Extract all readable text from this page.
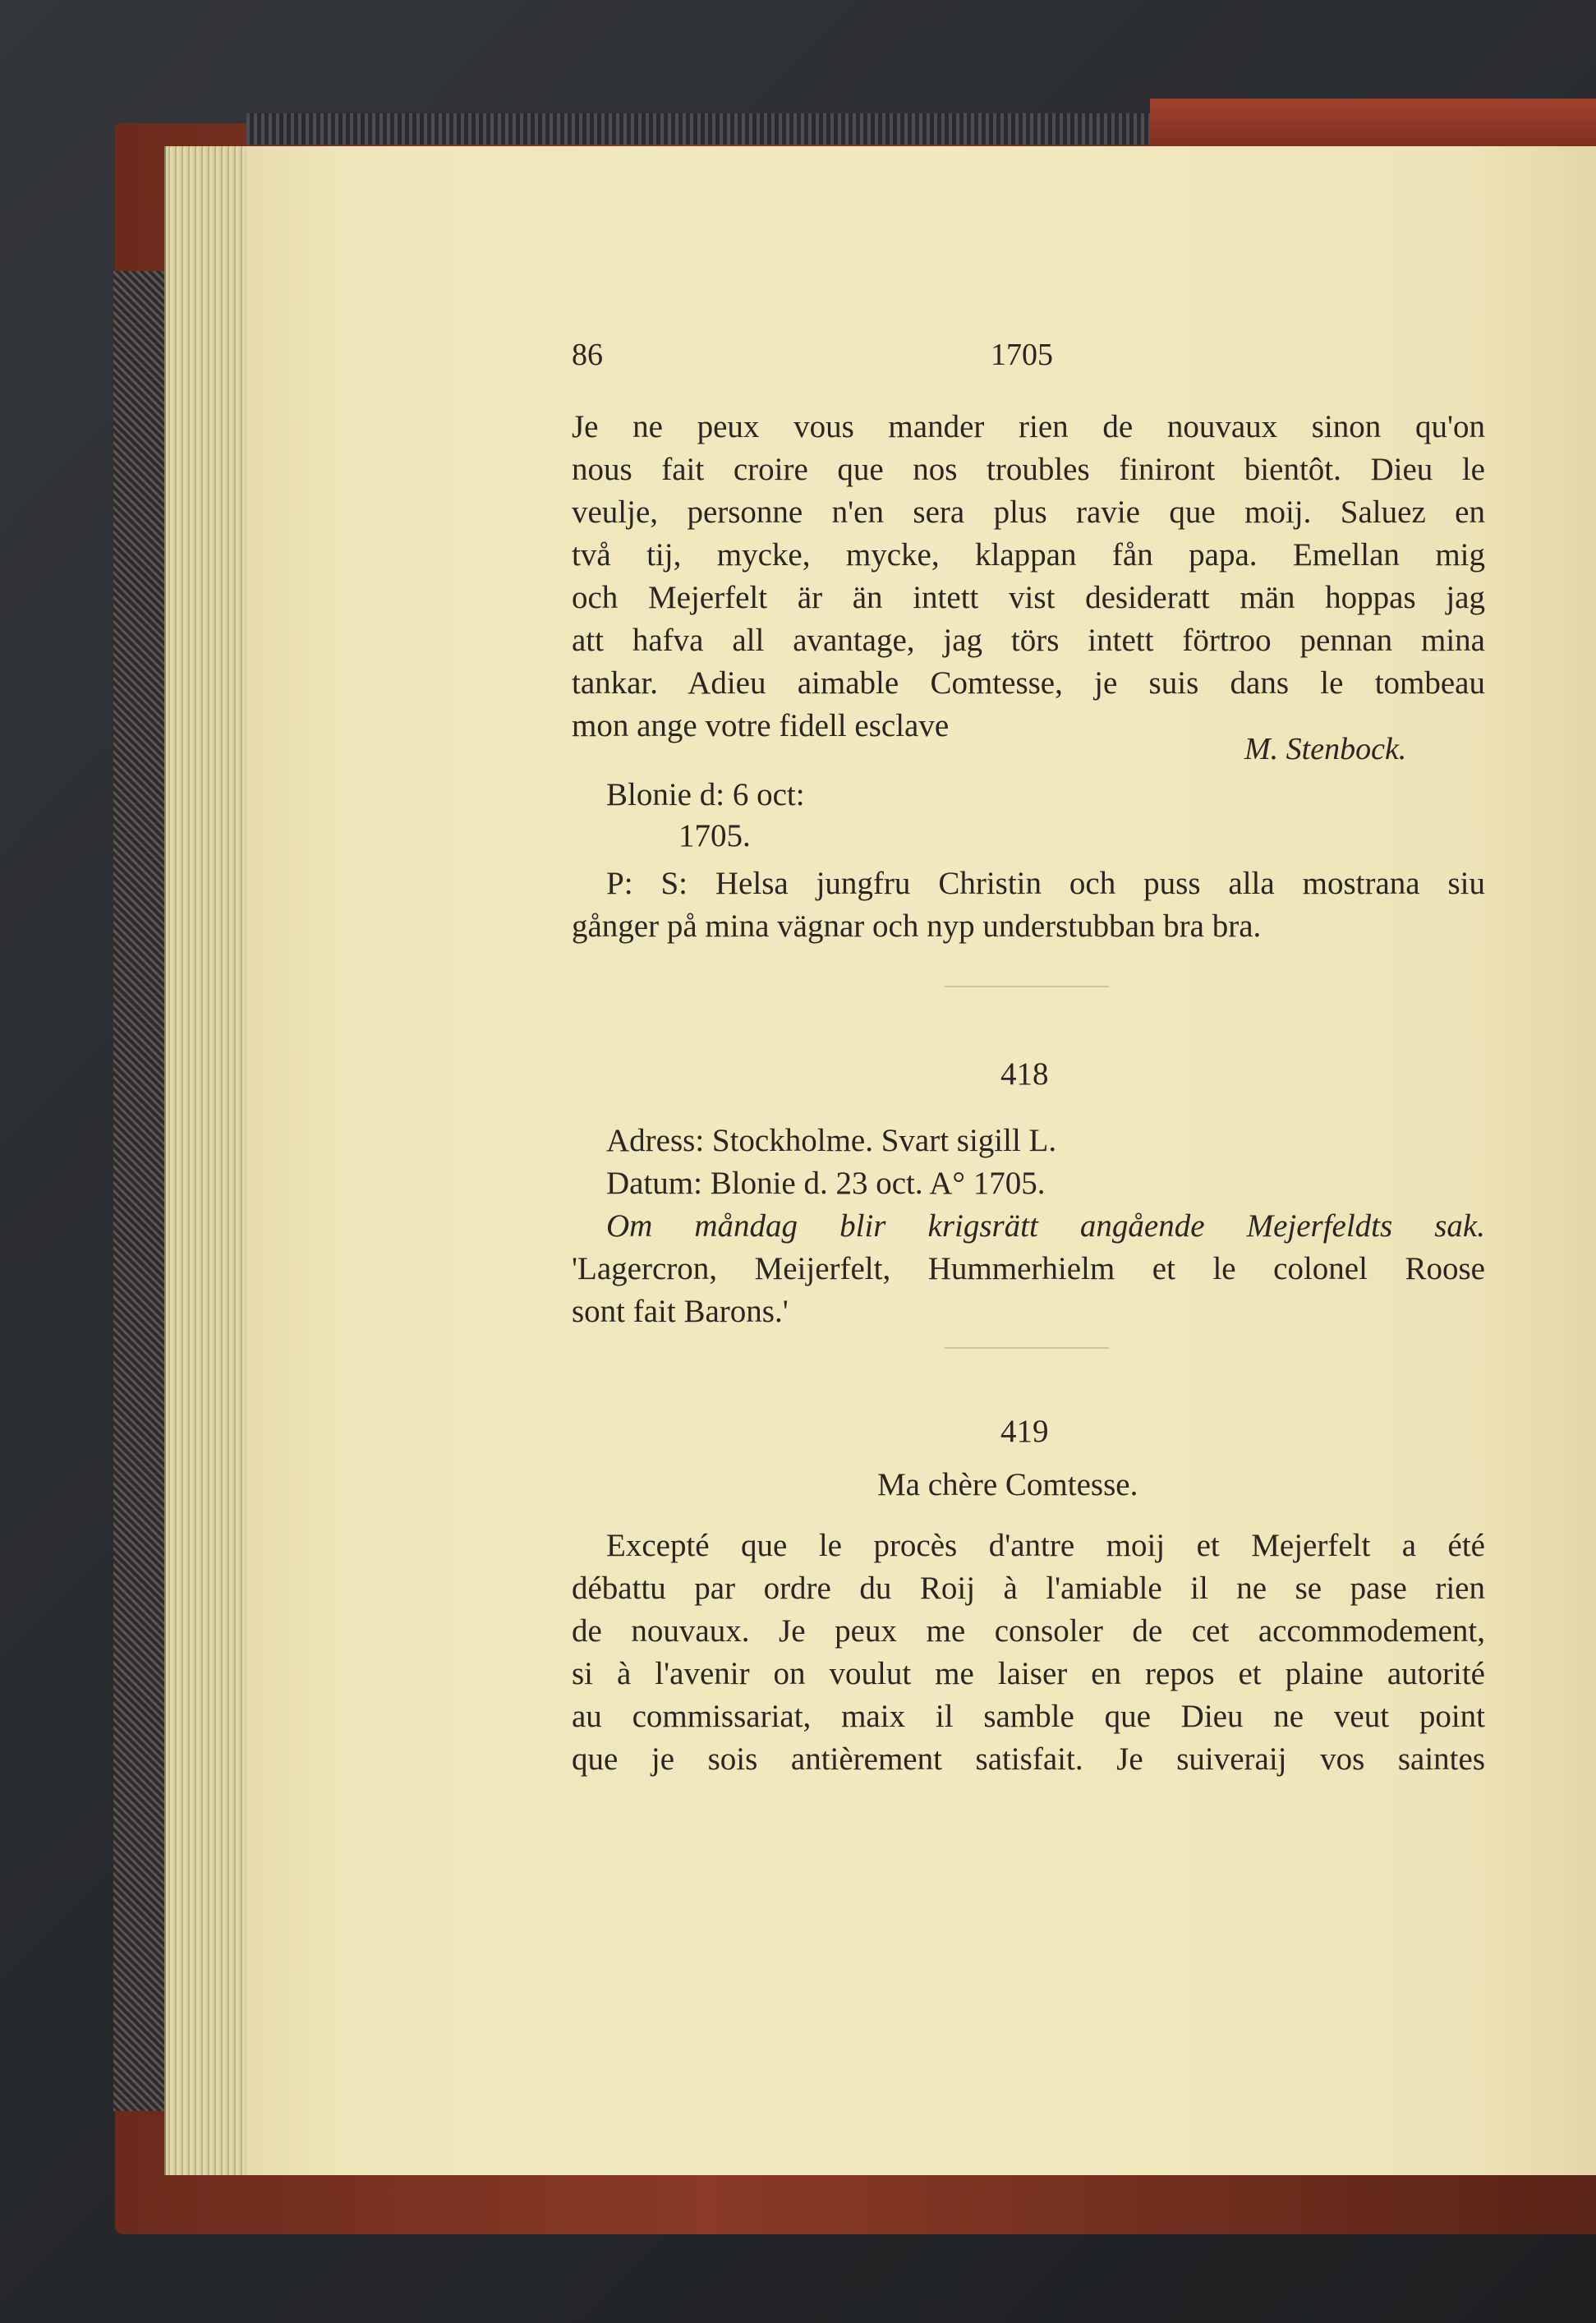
86	1705
Je ne peux vous mander rien de nouvaux sinon qu'on
nous fait croire que nos troubles finiront bientôt. Dieu le
veulje, personne n'en sera plus ravie que moij. Saluez en
två tij, mycke, mycke, klappan fån papa. Emellan mig
och Mejerfelt är än intett vist desideratt män hoppas jag
att hafva all avantage, jag törs intett förtroo pennan mina
tankar. Adieu aimable Comtesse, je suis dans le tombeau
mon ange votre fidell esclave
M. Stenbock.
Blonie d: 6 oct:
1705.
P: S: Helsa jungfru Christin och puss alla mostrana siu
gånger på mina vägnar och nyp understubban bra bra.
418
Adress: Stockholme. Svart sigill L.
Datum: Blonie d. 23 oct. A° 1705.
Om måndag blir krigsrätt angående Mejerfeldts sak.
'Lagercron, Meijerfelt, Hummerhielm et le colonel Roose
sont fait Barons.'
419
Ma chère Comtesse.
Excepté que le procès d'antre moij et Mejerfelt a été
débattu par ordre du Roij à l'amiable il ne se pase rien
de nouvaux. Je peux me consoler de cet accommodement,
si à l'avenir on voulut me laiser en repos et plaine autorité
au commissariat, maix il samble que Dieu ne veut point
que je sois antièrement satisfait. Je suiveraij vos saintes
